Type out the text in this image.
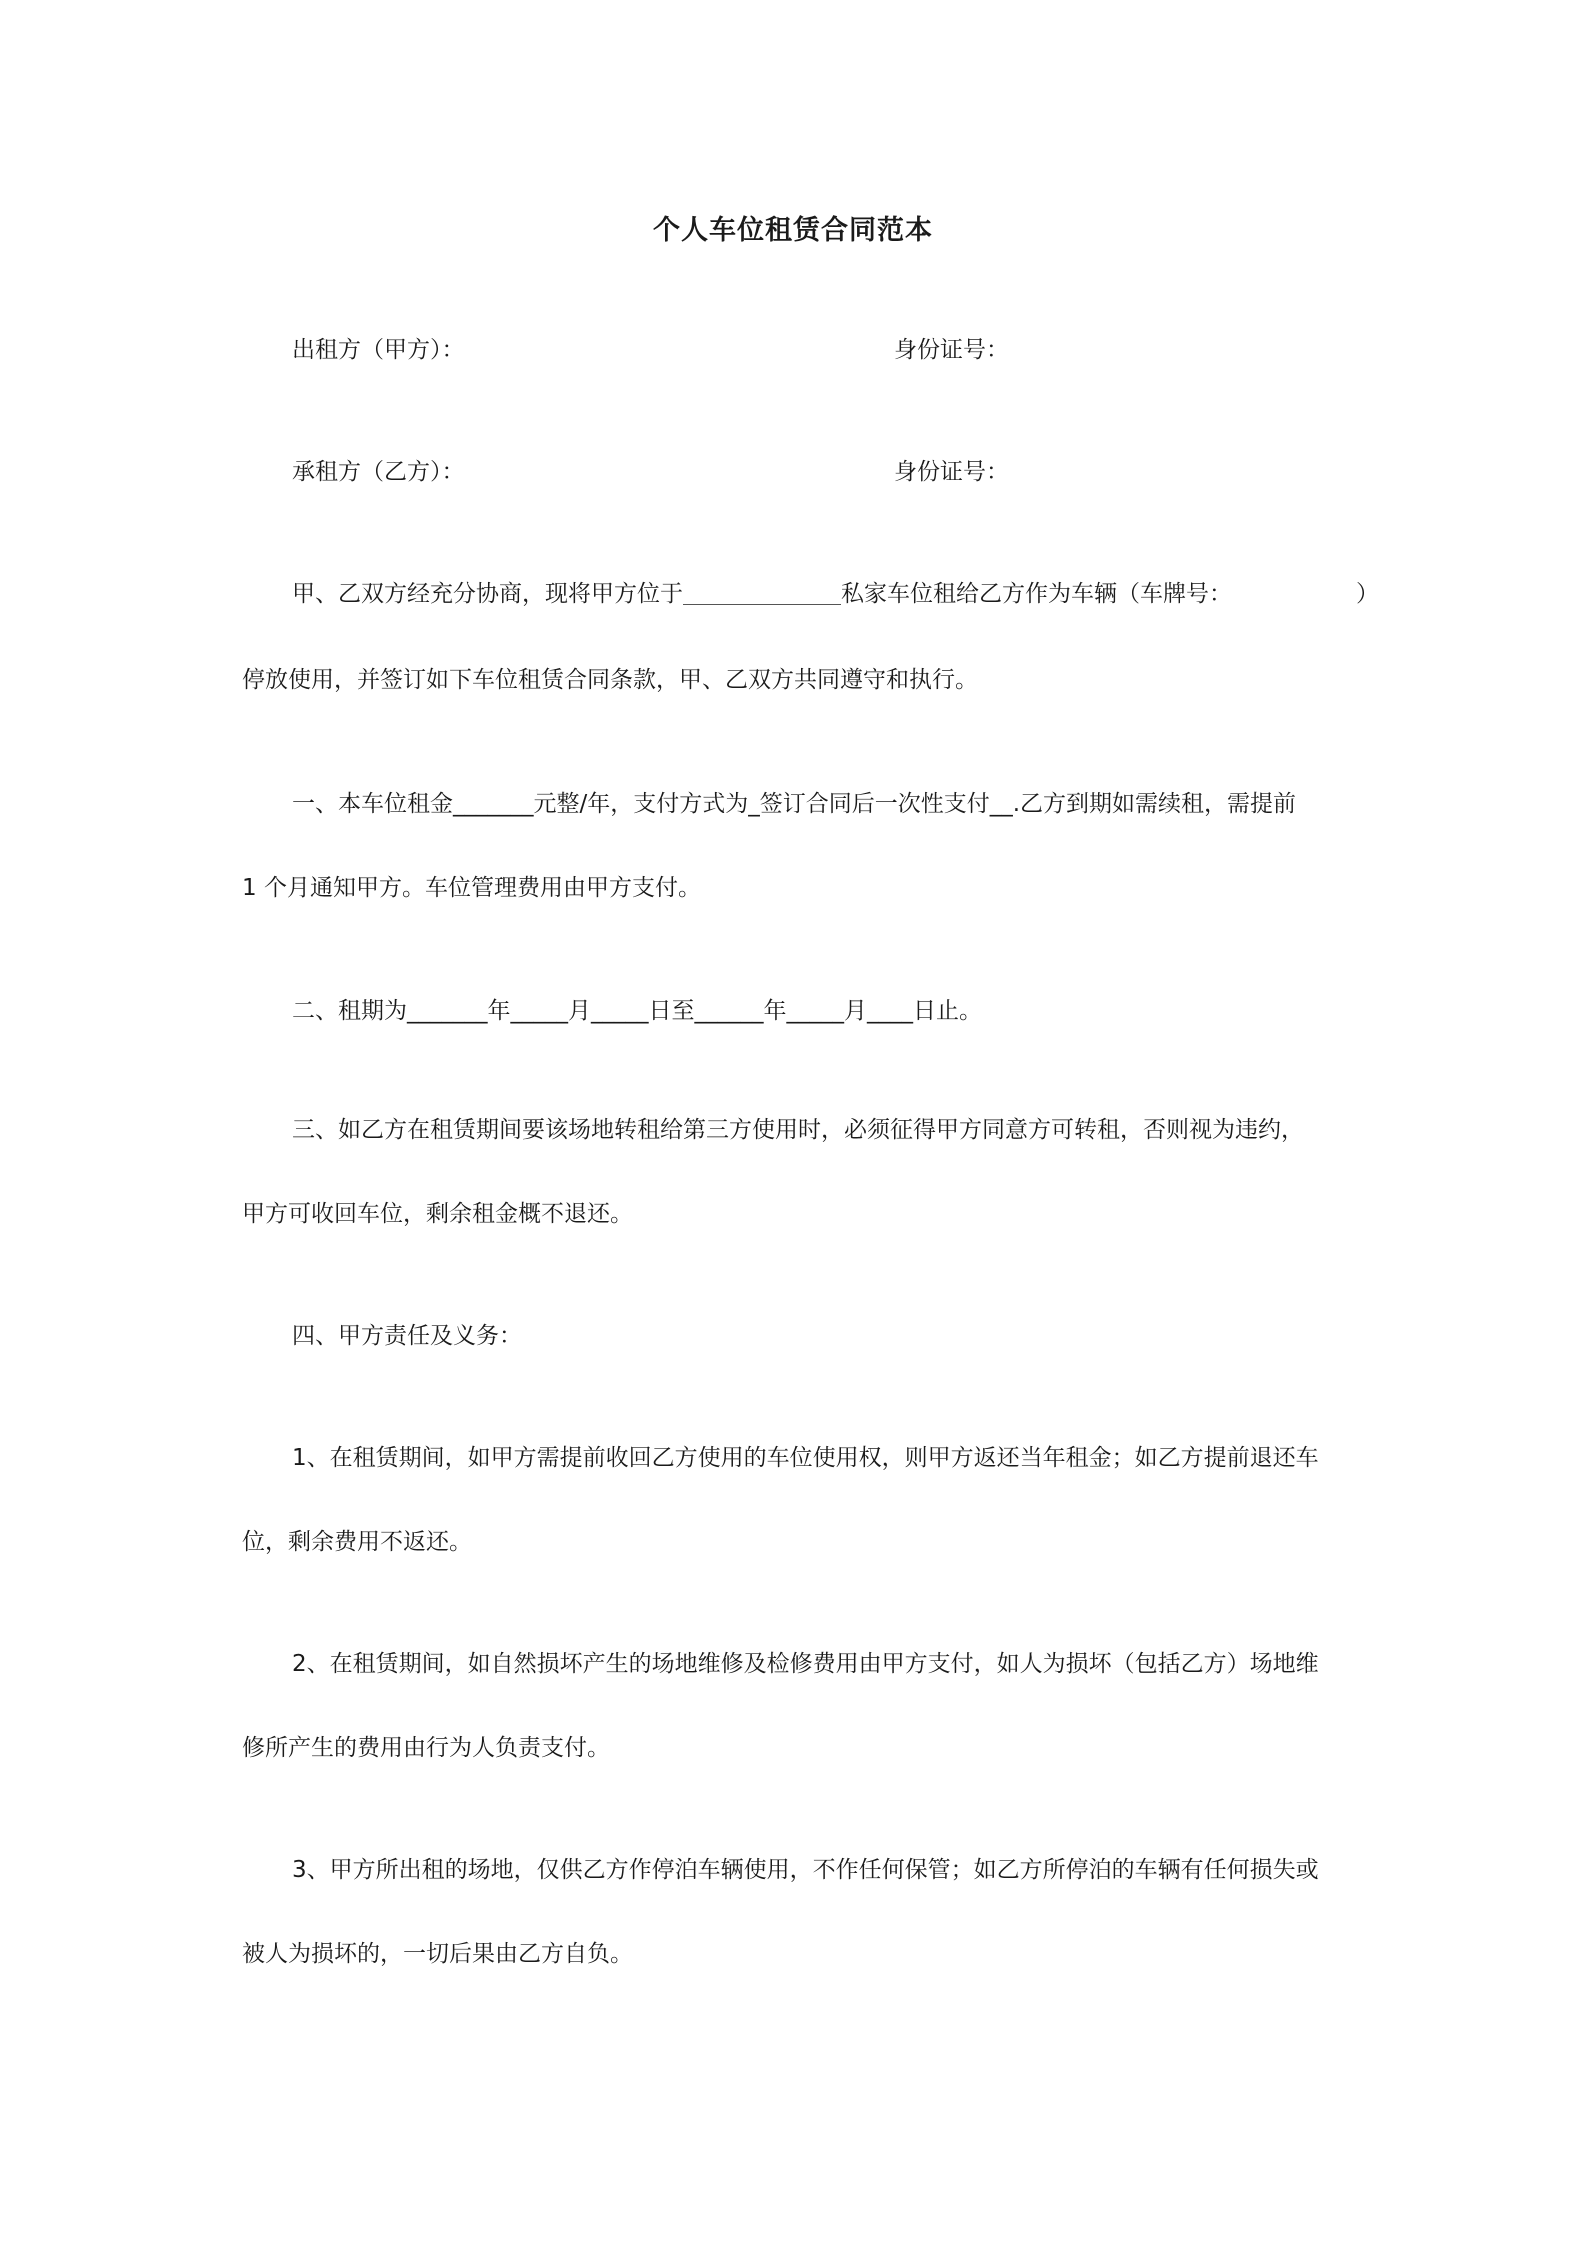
个人车位租赁合同范本
出租方（甲方）：	身份证号：
承租方（乙方）：	身份证号：
甲、乙双方经充分协商，现将甲方位于	私家车位租给乙方作为车辆（车牌号：	）
停放使用，并签订如下车位租赁合同条款，甲、乙双方共同遵守和执行。
一、本车位租金_______元整/年，支付方式为_签订合同后一次性支付__.乙方到期如需续租，需提前
1 个月通知甲方。车位管理费用由甲方支付。
二、租期为_______年_____月_____日至______年_____月____日止。
三、如乙方在租赁期间要该场地转租给第三方使用时，必须征得甲方同意方可转租，否则视为违约，
甲方可收回车位，剩余租金概不退还。
四、甲方责任及义务：
1、在租赁期间，如甲方需提前收回乙方使用的车位使用权，则甲方返还当年租金；如乙方提前退还车
位，剩余费用不返还。
2、在租赁期间，如自然损坏产生的场地维修及检修费用由甲方支付，如人为损坏（包括乙方）场地维
修所产生的费用由行为人负责支付。
3、甲方所出租的场地，仅供乙方作停泊车辆使用，不作任何保管；如乙方所停泊的车辆有任何损失或
被人为损坏的，一切后果由乙方自负。
